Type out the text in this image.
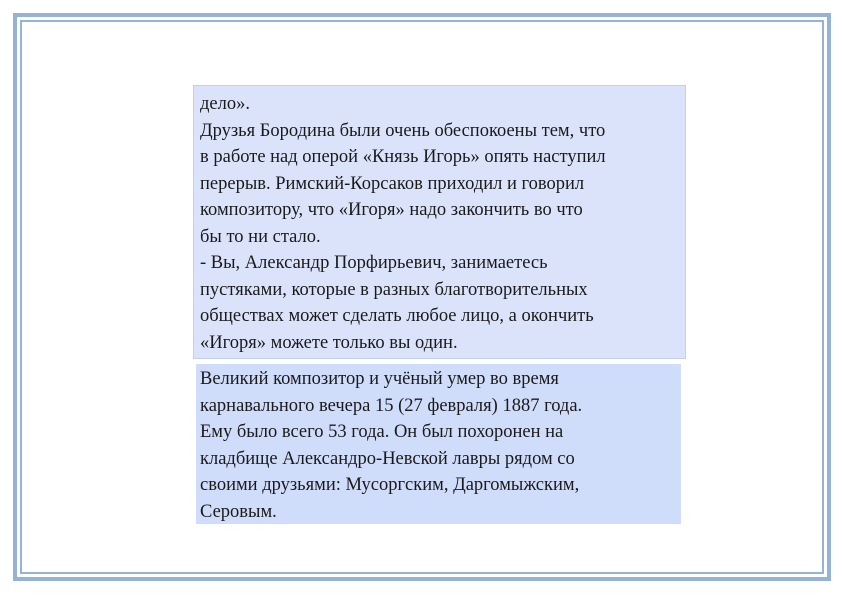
дело».
Друзья Бородина были очень обеспокоены тем, что
в работе над оперой «Князь Игорь» опять наступил
перерыв. Римский-Корсаков приходил и говорил
композитору, что «Игоря» надо закончить во что
бы то ни стало.
- Вы, Александр Порфирьевич, занимаетесь
пустяками, которые в разных благотворительных
обществах может сделать любое лицо, а окончить
«Игоря» можете только вы один.
Великий композитор и учёный умер во время
карнавального вечера 15 (27 февраля) 1887 года.
Ему было всего 53 года. Он был похоронен на
кладбище Александро-Невской лавры рядом со
своими друзьями: Мусоргским, Даргомыжским,
Серовым.
